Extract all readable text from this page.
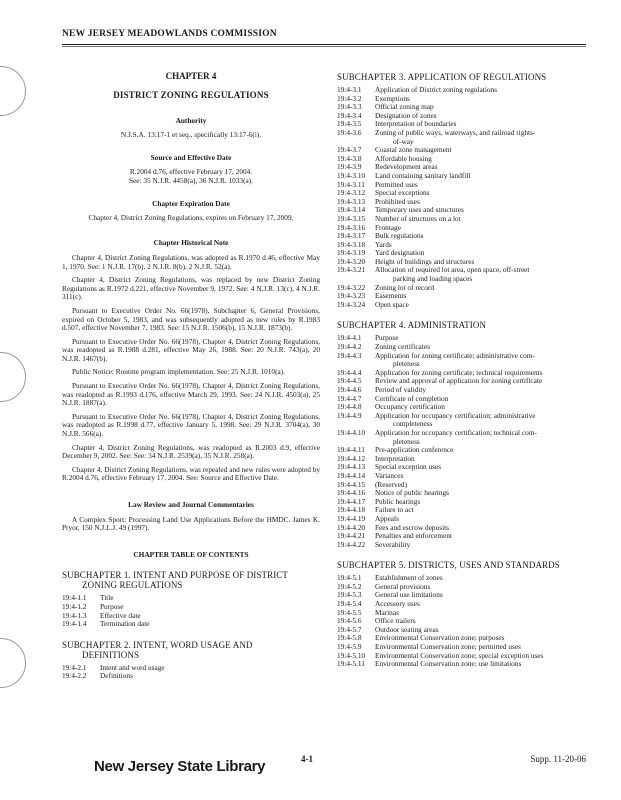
NEW JERSEY MEADOWLANDS COMMISSION
CHAPTER 4
DISTRICT ZONING REGULATIONS
Authority
N.J.S.A. 13:17-1 et seq., specifically 13:17-6(i).
Source and Effective Date
R.2004 d.76, effective February 17, 2004.
See: 35 N.J.R. 4458(a), 36 N.J.R. 1033(a).
Chapter Expiration Date
Chapter 4, District Zoning Regulations, expires on February 17, 2009.
Chapter Historical Note
Chapter 4, District Zoning Regulations, was adopted as R.1970 d.46, effective May 1, 1970. See: 1 N.J.R. 17(b), 2 N.J.R. 8(b), 2 N.J.R. 52(a).
Chapter 4, District Zoning Regulations, was replaced by new District Zoning Regulations as R.1972 d.221, effective November 9, 1972. See: 4 N.J.R. 13(c), 4 N.J.R. 311(c).
Pursuant to Executive Order No. 66(1978), Subchapter 6, General Provisions, expired on October 5, 1983, and was subsequently adopted as new rules by R.1983 d.507, effective November 7, 1983. See: 15 N.J.R. 1506(b), 15 N.J.R. 1873(b).
Pursuant to Executive Order No. 66(1978), Chapter 4, District Zoning Regulations, was readopted as R.1988 d.281, effective May 26, 1988. See: 20 N.J.R. 743(a), 20 N.J.R. 1467(b).
Public Notice: Routine program implementation. See: 25 N.J.R. 1010(a).
Pursuant to Executive Order No. 66(1978), Chapter 4, District Zoning Regulations, was readopted as R.1993 d.176, effective March 29, 1993. See: 24 N.J.R. 4503(a), 25 N.J.R. 1887(a).
Pursuant to Executive Order No. 66(1978), Chapter 4, District Zoning Regulations, was readopted as R.1998 d.77, effective January 5, 1998. See: 29 N.J.R. 3704(a), 30 N.J.R. 566(a).
Chapter 4, District Zoning Regulations, was readopted as R.2003 d.9, effective December 9, 2002. See: See: 34 N.J.R. 2539(a), 35 N.J.R. 258(a).
Chapter 4, District Zoning Regulations, was repealed and new rules were adopted by R.2004 d.76, effective February 17, 2004. See: Source and Effective Date.
Law Review and Journal Commentaries
A Complex Sport: Processing Land Use Applications Before the HMDC. James K. Pryor, 150 N.J.L.J. 49 (1997).
CHAPTER TABLE OF CONTENTS
SUBCHAPTER 1. INTENT AND PURPOSE OF DISTRICT
ZONING REGULATIONS
19:4-1.1	Title
19:4-1.2	Purpose
19:4-1.3	Effective date
19:4-1.4	Termination date
SUBCHAPTER 2. INTENT, WORD USAGE AND
DEFINITIONS
19:4-2.1	Intent and word usage
19:4-2.2	Definitions
SUBCHAPTER 3. APPLICATION OF REGULATIONS
19:4-3.1	Application of District zoning regulations
19:4-3.2	Exemptions
19:4-3.3	Official zoning map
19:4-3.4	Designation of zones
19:4-3.5	Interpretation of boundaries
19:4-3.6	Zoning of public ways, waterways, and railroad rights-
of-way
19:4-3.7	Coastal zone management
19:4-3.8	Affordable housing
19:4-3.9	Redevelopment areas
19:4-3.10	Land containing sanitary landfill
19:4-3.11	Permitted uses
19:4-3.12	Special exceptions
19:4-3.13	Prohibited uses
19:4-3.14	Temporary uses and structures
19:4-3.15	Number of structures on a lot
19:4-3.16	Frontage
19:4-3.17	Bulk regulations
19:4-3.18	Yards
19:4-3.19	Yard designation
19:4-3.20	Height of buildings and structures
19:4-3.21	Allocation of required lot area, open space, off-street
parking and loading spaces
19:4-3.22	Zoning lot of record
19:4-3.23	Easements
19:4-3.24	Open space
SUBCHAPTER 4. ADMINISTRATION
19:4-4.1	Purpose
19:4-4.2	Zoning certificates
19:4-4.3	Application for zoning certificate; administrative com-
pleteness
19:4-4.4	Application for zoning certificate; technical requirements
19:4-4.5	Review and approval of application for zoning certificate
19:4-4.6	Period of validity
19:4-4.7	Certificate of completion
19:4-4.8	Occupancy certification
19:4-4.9	Application for occupancy certification; administrative
completeness
19:4-4.10	Application for occupancy certification; technical com-
pleteness
19:4-4.11	Pre-application conference
19:4-4.12	Interpretation
19:4-4.13	Special exception uses
19:4-4.14	Variances
19:4-4.15	(Reserved)
19:4-4.16	Notice of public hearings
19:4-4.17	Public hearings
19:4-4.18	Failure to act
19:4-4.19	Appeals
19:4-4.20	Fees and escrow deposits
19:4-4.21	Penalties and enforcement
19:4-4.22	Severability
SUBCHAPTER 5. DISTRICTS, USES AND STANDARDS
19:4-5.1	Establishment of zones
19:4-5.2	General provisions
19:4-5.3	General use limitations
19:4-5.4	Accessory uses
19:4-5.5	Marinas
19:4-5.6	Office trailers
19:4-5.7	Outdoor seating areas
19:4-5.8	Environmental Conservation zone; purposes
19:4-5.9	Environmental Conservation zone; permitted uses
19:4-5.10	Environmental Conservation zone; special exception uses
19:4-5.11	Environmental Conservation zone; use limitations
New Jersey State Library	4-1	Supp. 11-20-06
